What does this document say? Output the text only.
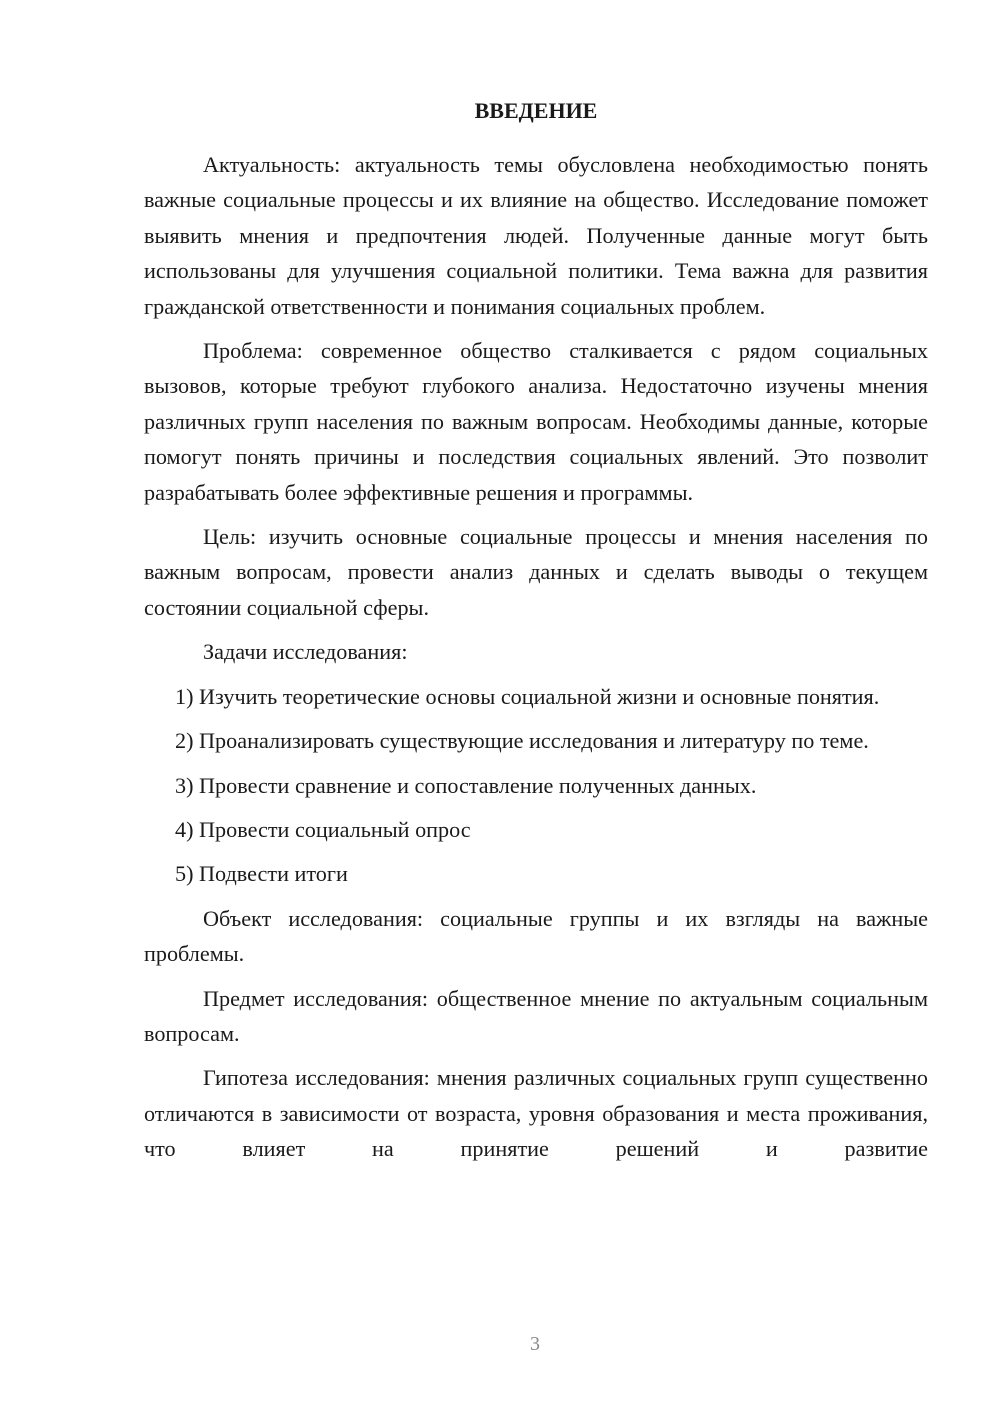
ВВЕДЕНИЕ

Актуальность: актуальность темы обусловлена необходимостью понять важные социальные процессы и их влияние на общество. Исследование поможет выявить мнения и предпочтения людей. Полученные данные могут быть использованы для улучшения социальной политики. Тема важна для развития гражданской ответственности и понимания социальных проблем.

Проблема: современное общество сталкивается с рядом социальных вызовов, которые требуют глубокого анализа. Недостаточно изучены мнения различных групп населения по важным вопросам. Необходимы данные, которые помогут понять причины и последствия социальных явлений. Это позволит разрабатывать более эффективные решения и программы.

Цель: изучить основные социальные процессы и мнения населения по важным вопросам, провести анализ данных и сделать выводы о текущем состоянии социальной сферы.

Задачи исследования:

1) Изучить теоретические основы социальной жизни и основные понятия.

2) Проанализировать существующие исследования и литературу по теме.

3) Провести сравнение и сопоставление полученных данных.

4) Провести социальный опрос

5) Подвести итоги

Объект исследования: социальные группы и их взгляды на важные проблемы.

Предмет исследования: общественное мнение по актуальным социальным вопросам.

Гипотеза исследования: мнения различных социальных групп существенно отличаются в зависимости от возраста, уровня образования и места проживания, что влияет на принятие решений и развитие

3
